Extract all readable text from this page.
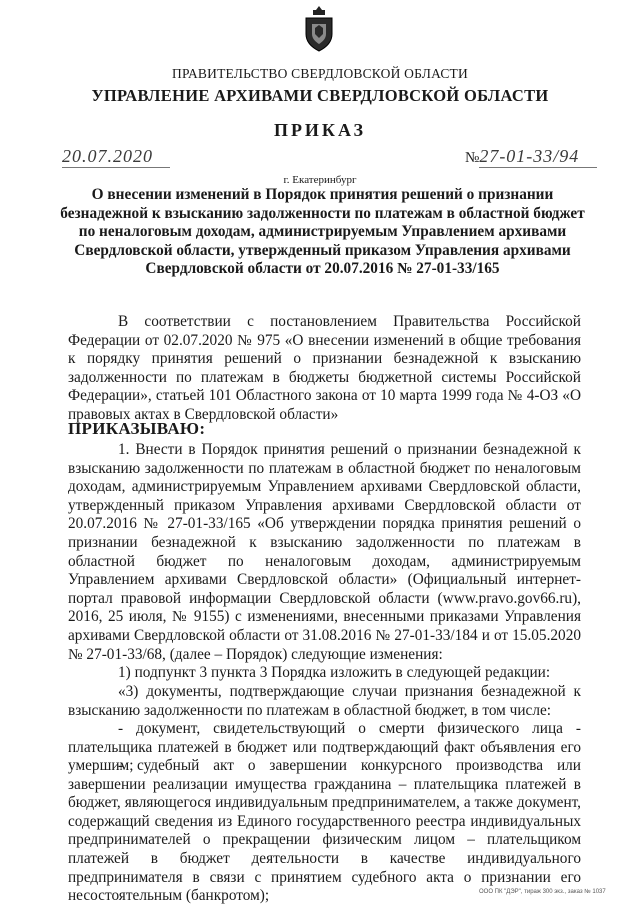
ПРАВИТЕЛЬСТВО СВЕРДЛОВСКОЙ ОБЛАСТИ
УПРАВЛЕНИЕ АРХИВАМИ СВЕРДЛОВСКОЙ ОБЛАСТИ
ПРИКАЗ
20.07.2020	№27-01-33/94
г. Екатеринбург
О внесении изменений в Порядок принятия решений о признании безнадежной к взысканию задолженности по платежам в областной бюджет по неналоговым доходам, администрируемым Управлением архивами Свердловской области, утвержденный приказом Управления архивами Свердловской области от 20.07.2016 № 27-01-33/165
В соответствии с постановлением Правительства Российской Федерации от 02.07.2020 № 975 «О внесении изменений в общие требования к порядку принятия решений о признании безнадежной к взысканию задолженности по платежам в бюджеты бюджетной системы Российской Федерации», статьей 101 Областного закона от 10 марта 1999 года № 4-ОЗ «О правовых актах в Свердловской области»
ПРИКАЗЫВАЮ:
1. Внести в Порядок принятия решений о признании безнадежной к взысканию задолженности по платежам в областной бюджет по неналоговым доходам, администрируемым Управлением архивами Свердловской области, утвержденный приказом Управления архивами Свердловской области от 20.07.2016 № 27-01-33/165 «Об утверждении порядка принятия решений о признании безнадежной к взысканию задолженности по платежам в областной бюджет по неналоговым доходам, администрируемым Управлением архивами Свердловской области» (Официальный интернет-портал правовой информации Свердловской области (www.pravo.gov66.ru), 2016, 25 июля, № 9155) с изменениями, внесенными приказами Управления архивами Свердловской области от 31.08.2016 № 27-01-33/184 и от 15.05.2020 № 27-01-33/68, (далее – Порядок) следующие изменения:
1) подпункт 3 пункта 3 Порядка изложить в следующей редакции:
«3) документы, подтверждающие случаи признания безнадежной к взысканию задолженности по платежам в областной бюджет, в том числе:
- документ, свидетельствующий о смерти физического лица - плательщика платежей в бюджет или подтверждающий факт объявления его умершим;
- судебный акт о завершении конкурсного производства или завершении реализации имущества гражданина – плательщика платежей в бюджет, являющегося индивидуальным предпринимателем, а также документ, содержащий сведения из Единого государственного реестра индивидуальных предпринимателей о прекращении физическим лицом – плательщиком платежей в бюджет деятельности в качестве индивидуального предпринимателя в связи с принятием судебного акта о признании его несостоятельным (банкротом);	ООО ПК "ДЭР", тираж 300 экз., заказ № 1037
